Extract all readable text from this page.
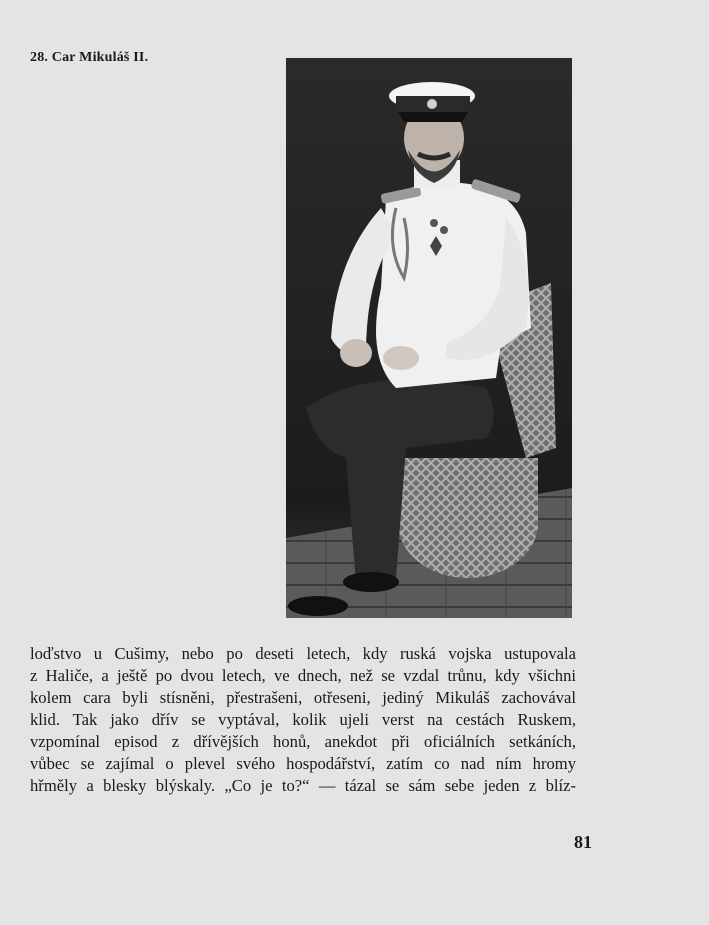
28. Car Mikuláš II.

loďstvo u Cušimy, nebo po deseti letech, kdy ruská vojska ustupovala
z Haliče, a ještě po dvou letech, ve dnech, než se vzdal trůnu, kdy všichni
kolem cara byli stísněni, přestrašeni, otřeseni, jediný Mikuláš zachovával
klid. Tak jako dřív se vyptával, kolik ujeli verst na cestách Ruskem,
vzpomínal episod z dřívějších honů, anekdot při oficiálních setkáních,
vůbec se zajímal o plevel svého hospodářství, zatím co nad ním hromy
hřměly a blesky blýskaly. „Co je to?“ — tázal se sám sebe jeden z blíz-

81
